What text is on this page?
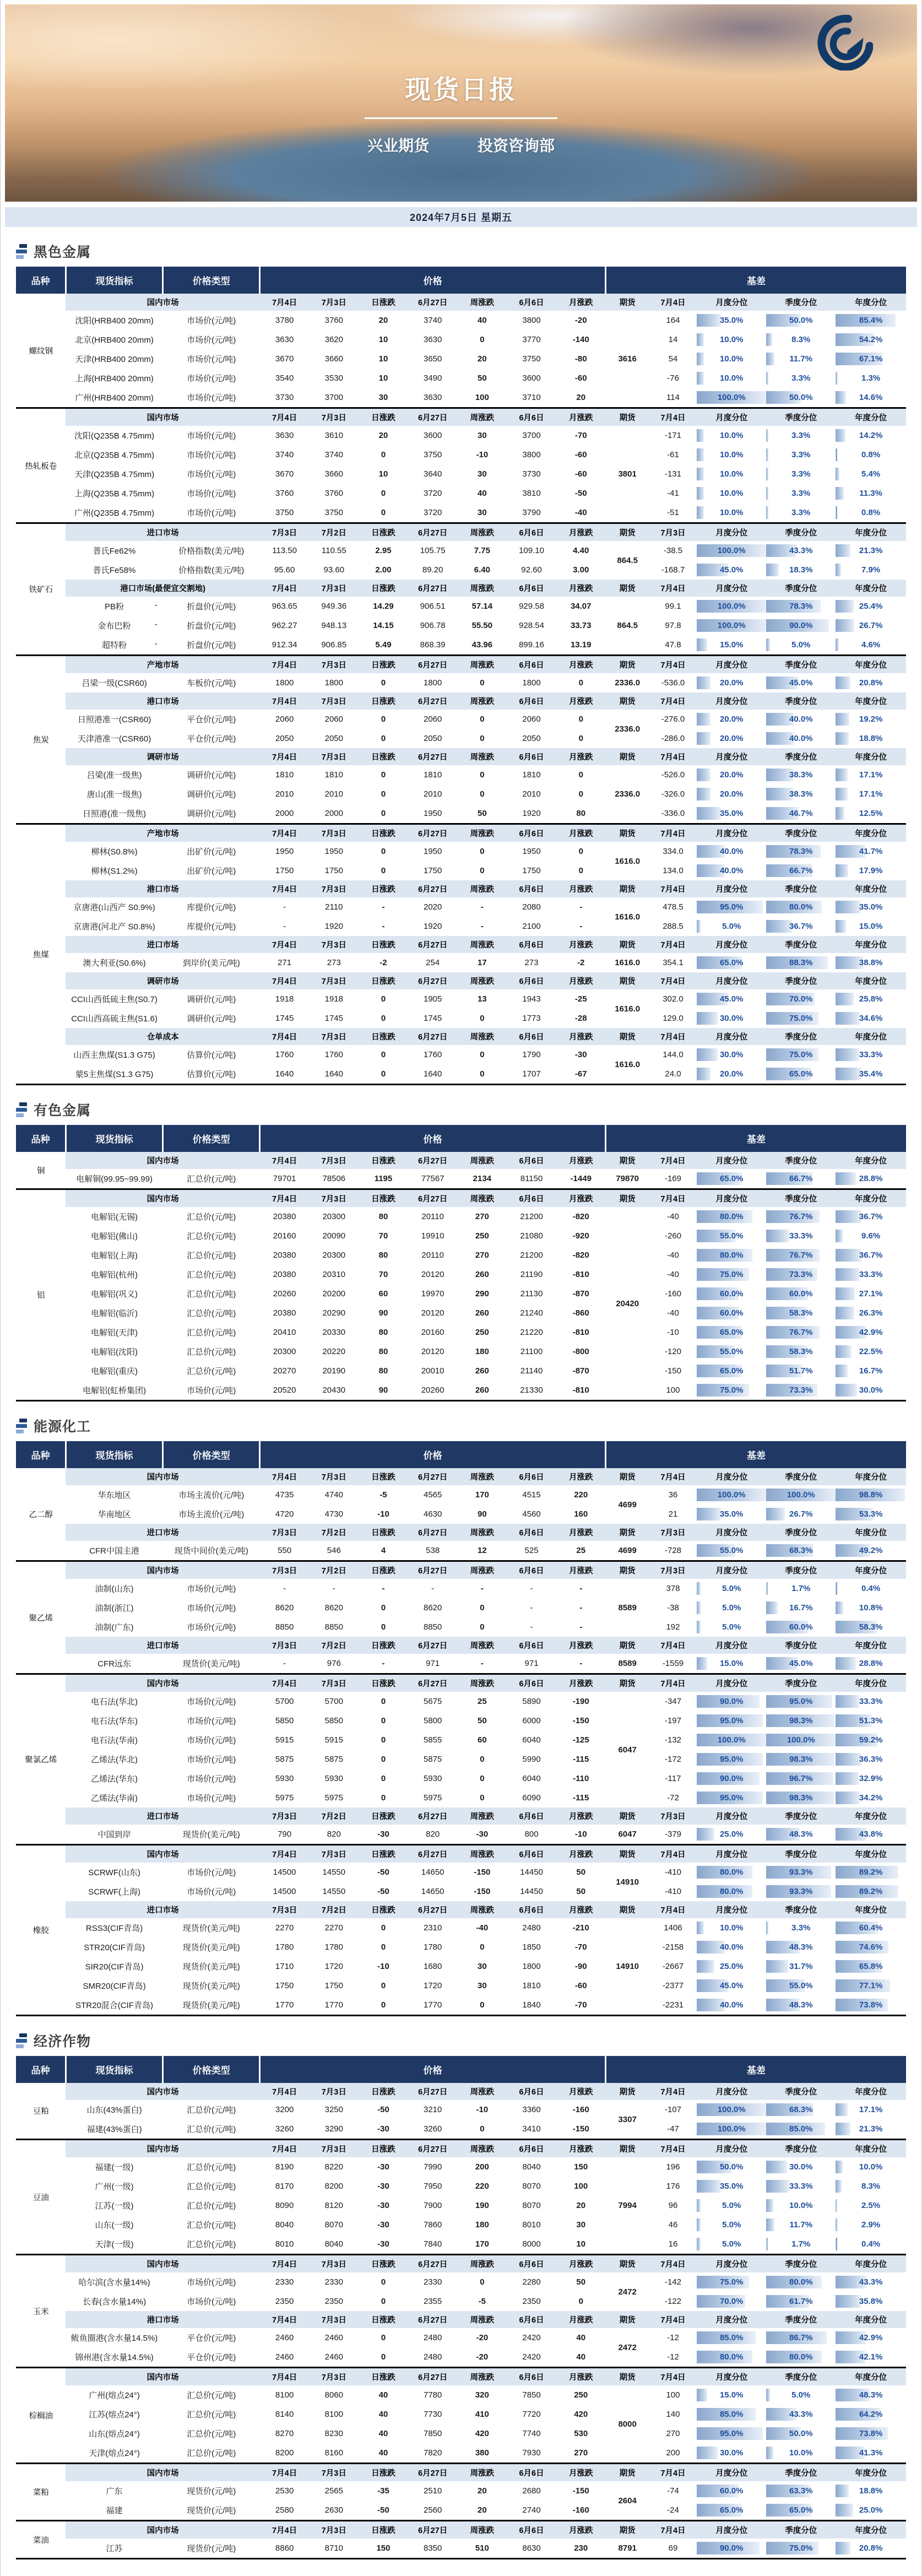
现货日报
兴业期货	投资咨询部
2024年7月5日 星期五
黑色金属
品种	现货指标	价格类型	价格							基差				
螺纹钢	国内市场		7月4日	7月3日	日涨跌	6月27日	周涨跌	6月6日	月涨跌	期货	7月4日	月度分位	季度分位	年度分位
	沈阳(HRB400 20mm)	市场价(元/吨)	3780	3760	20	3740	40	3800	-20	3616	164	35.0%	50.0%	85.4%

	北京(HRB400 20mm)	市场价(元/吨)	3630	3620	10	3630	0	3770	-140		14	10.0%	8.3%	54.2%

	天津(HRB400 20mm)	市场价(元/吨)	3670	3660	10	3650	20	3750	-80		54	10.0%	11.7%	67.1%

	上海(HRB400 20mm)	市场价(元/吨)	3540	3530	10	3490	50	3600	-60		-76	10.0%	3.3%	1.3%

	广州(HRB400 20mm)	市场价(元/吨)	3730	3700	30	3630	100	3710	20		114	100.0%	50.0%	14.6%

热轧板卷	国内市场		7月4日	7月3日	日涨跌	6月27日	周涨跌	6月6日	月涨跌	期货	7月4日	月度分位	季度分位	年度分位
	沈阳(Q235B 4.75mm)	市场价(元/吨)	3630	3610	20	3600	30	3700	-70	3801	-171	10.0%	3.3%	14.2%

	北京(Q235B 4.75mm)	市场价(元/吨)	3740	3740	0	3750	-10	3800	-60		-61	10.0%	3.3%	0.8%

	天津(Q235B 4.75mm)	市场价(元/吨)	3670	3660	10	3640	30	3730	-60		-131	10.0%	3.3%	5.4%

	上海(Q235B 4.75mm)	市场价(元/吨)	3760	3760	0	3720	40	3810	-50		-41	10.0%	3.3%	11.3%

	广州(Q235B 4.75mm)	市场价(元/吨)	3750	3750	0	3720	30	3790	-40		-51	10.0%	3.3%	0.8%

铁矿石	进口市场		7月3日	7月2日	日涨跌	6月27日	周涨跌	6月6日	月涨跌	期货	7月3日	月度分位	季度分位	年度分位
	普氏Fe62%	价格指数(美元/吨)	113.50	110.55	2.95	105.75	7.75	109.10	4.40	864.5	-38.5	100.0%	43.3%	21.3%

	普氏Fe58%	价格指数(美元/吨)	95.60	93.60	2.00	89.20	6.40	92.60	3.00		-168.7	45.0%	18.3%	7.9%

	港口市场(最便宜交割地)		7月4日	7月3日	日涨跌	6月27日	周涨跌	6月6日	月涨跌	期货	7月4日	月度分位	季度分位	年度分位
	PB粉 -	折盘价(元/吨)	963.65	949.36	14.29	906.51	57.14	929.58	34.07	864.5	99.1	100.0%	78.3%	25.4%

	金布巴粉 -	折盘价(元/吨)	962.27	948.13	14.15	906.78	55.50	928.54	33.73		97.8	100.0%	90.0%	26.7%

	超特粉 -	折盘价(元/吨)	912.34	906.85	5.49	868.39	43.96	899.16	13.19		47.8	15.0%	5.0%	4.6%

焦炭	产地市场		7月4日	7月3日	日涨跌	6月27日	周涨跌	6月6日	月涨跌	期货	7月4日	月度分位	季度分位	年度分位
	吕梁一级(CSR60)	车板价(元/吨)	1800	1800	0	1800	0	1800	0	2336.0	-536.0	20.0%	45.0%	20.8%

	港口市场		7月4日	7月3日	日涨跌	6月27日	周涨跌	6月6日	月涨跌	期货	7月4日	月度分位	季度分位	年度分位
	日照港准一(CSR60)	平仓价(元/吨)	2060	2060	0	2060	0	2060	0	2336.0	-276.0	20.0%	40.0%	19.2%

	天津港准一(CSR60)	平仓价(元/吨)	2050	2050	0	2050	0	2050	0		-286.0	20.0%	40.0%	18.8%

	调研市场		7月4日	7月3日	日涨跌	6月27日	周涨跌	6月6日	月涨跌	期货	7月4日	月度分位	季度分位	年度分位
	吕梁(准一级焦)	调研价(元/吨)	1810	1810	0	1810	0	1810	0	2336.0	-526.0	20.0%	38.3%	17.1%

	唐山(准一级焦)	调研价(元/吨)	2010	2010	0	2010	0	2010	0		-326.0	20.0%	38.3%	17.1%

	日照港(准一级焦)	调研价(元/吨)	2000	2000	0	1950	50	1920	80		-336.0	35.0%	46.7%	12.5%

焦煤	产地市场		7月4日	7月3日	日涨跌	6月27日	周涨跌	6月6日	月涨跌	期货	7月4日	月度分位	季度分位	年度分位
	柳林(S0.8%)	出矿价(元/吨)	1950	1950	0	1950	0	1950	0	1616.0	334.0	40.0%	78.3%	41.7%

	柳林(S1.2%)	出矿价(元/吨)	1750	1750	0	1750	0	1750	0		134.0	40.0%	66.7%	17.9%

	港口市场		7月4日	7月3日	日涨跌	6月27日	周涨跌	6月6日	月涨跌	期货	7月4日	月度分位	季度分位	年度分位
	京唐港(山西产 S0.9%)	库提价(元/吨)	-	2110	-	2020	-	2080	-	1616.0	478.5	95.0%	80.0%	35.0%

	京唐港(河北产 S0.8%)	库提价(元/吨)	-	1920	-	1920	-	2100	-		288.5	5.0%	36.7%	15.0%

	进口市场		7月4日	7月3日	日涨跌	6月27日	周涨跌	6月6日	月涨跌	期货	7月4日	月度分位	季度分位	年度分位
	澳大利亚(S0.6%)	到岸价(美元/吨)	271	273	-2	254	17	273	-2	1616.0	354.1	65.0%	88.3%	38.8%

	调研市场		7月4日	7月3日	日涨跌	6月27日	周涨跌	6月6日	月涨跌	期货	7月4日	月度分位	季度分位	年度分位
	CCI山西低硫主焦(S0.7)	调研价(元/吨)	1918	1918	0	1905	13	1943	-25	1616.0	302.0	45.0%	70.0%	25.8%

	CCI山西高硫主焦(S1.6)	调研价(元/吨)	1745	1745	0	1745	0	1773	-28		129.0	30.0%	75.0%	34.6%

	仓单成本		7月4日	7月3日	日涨跌	6月27日	周涨跌	6月6日	月涨跌	期货	7月4日	月度分位	季度分位	年度分位
	山西主焦煤(S1.3 G75)	估算价(元/吨)	1760	1760	0	1760	0	1790	-30	1616.0	144.0	30.0%	75.0%	33.3%

	蒙5主焦煤(S1.3 G75)	估算价(元/吨)	1640	1640	0	1640	0	1707	-67		24.0	20.0%	65.0%	35.4%
有色金属
品种	现货指标	价格类型	价格							基差				
铜	国内市场		7月4日	7月3日	日涨跌	6月27日	周涨跌	6月6日	月涨跌	期货	7月4日	月度分位	季度分位	年度分位
	电解铜(99.95~99.99)	汇总价(元/吨)	79701	78506	1195	77567	2134	81150	-1449	79870	-169	65.0%	66.7%	28.8%

铝	国内市场		7月4日	7月3日	日涨跌	6月27日	周涨跌	6月6日	月涨跌	期货	7月4日	月度分位	季度分位	年度分位
	电解铝(无锡)	汇总价(元/吨)	20380	20300	80	20110	270	21200	-820	20420	-40	80.0%	76.7%	36.7%

	电解铝(佛山)	汇总价(元/吨)	20160	20090	70	19910	250	21080	-920		-260	55.0%	33.3%	9.6%

	电解铝(上海)	汇总价(元/吨)	20380	20300	80	20110	270	21200	-820		-40	80.0%	76.7%	36.7%

	电解铝(杭州)	汇总价(元/吨)	20380	20310	70	20120	260	21190	-810		-40	75.0%	73.3%	33.3%

	电解铝(巩义)	汇总价(元/吨)	20260	20200	60	19970	290	21130	-870		-160	60.0%	60.0%	27.1%

	电解铝(临沂)	汇总价(元/吨)	20380	20290	90	20120	260	21240	-860		-40	60.0%	58.3%	26.3%

	电解铝(天津)	汇总价(元/吨)	20410	20330	80	20160	250	21220	-810		-10	65.0%	76.7%	42.9%

	电解铝(沈阳)	汇总价(元/吨)	20300	20220	80	20120	180	21100	-800		-120	55.0%	58.3%	22.5%

	电解铝(重庆)	汇总价(元/吨)	20270	20190	80	20010	260	21140	-870		-150	65.0%	51.7%	16.7%

	电解铝(虹桥集团)	市场价(元/吨)	20520	20430	90	20260	260	21330	-810		100	75.0%	73.3%	30.0%
能源化工
品种	现货指标	价格类型	价格							基差				
乙二醇	国内市场		7月4日	7月3日	日涨跌	6月27日	周涨跌	6月6日	月涨跌	期货	7月4日	月度分位	季度分位	年度分位
	华东地区	市场主流价(元/吨)	4735	4740	-5	4565	170	4515	220	4699	36	100.0%	100.0%	98.8%

	华南地区	市场主流价(元/吨)	4720	4730	-10	4630	90	4560	160		21	35.0%	26.7%	53.3%

	进口市场		7月3日	7月2日	日涨跌	6月27日	周涨跌	6月6日	月涨跌	期货	7月3日	月度分位	季度分位	年度分位
	CFR中国主港	现货中间价(美元/吨)	550	546	4	538	12	525	25	4699	-728	55.0%	68.3%	49.2%

聚乙烯	国内市场		7月3日	7月2日	日涨跌	6月27日	周涨跌	6月6日	月涨跌	期货	7月3日	月度分位	季度分位	年度分位
	油制(山东)	市场价(元/吨)	-	-	-	-	-	-	-	8589	378	5.0%	1.7%	0.4%

	油制(浙江)	市场价(元/吨)	8620	8620	0	8620	0	-	-		-38	5.0%	16.7%	10.8%

	油制(广东)	市场价(元/吨)	8850	8850	0	8850	0	-	-		192	5.0%	60.0%	58.3%

	进口市场		7月3日	7月2日	日涨跌	6月27日	周涨跌	6月6日	月涨跌	期货	7月4日	月度分位	季度分位	年度分位
	CFR远东	现货价(美元/吨)	-	976	-	971	-	971	-	8589	-1559	15.0%	45.0%	28.8%

聚氯乙烯	国内市场		7月4日	7月3日	日涨跌	6月27日	周涨跌	6月6日	月涨跌	期货	7月4日	月度分位	季度分位	年度分位
	电石法(华北)	市场价(元/吨)	5700	5700	0	5675	25	5890	-190	6047	-347	90.0%	95.0%	33.3%

	电石法(华东)	市场价(元/吨)	5850	5850	0	5800	50	6000	-150		-197	95.0%	98.3%	51.3%

	电石法(华南)	市场价(元/吨)	5915	5915	0	5855	60	6040	-125		-132	100.0%	100.0%	59.2%

	乙烯法(华北)	市场价(元/吨)	5875	5875	0	5875	0	5990	-115		-172	95.0%	98.3%	36.3%

	乙烯法(华东)	市场价(元/吨)	5930	5930	0	5930	0	6040	-110		-117	90.0%	96.7%	32.9%

	乙烯法(华南)	市场价(元/吨)	5975	5975	0	5975	0	6090	-115		-72	95.0%	98.3%	34.2%

	进口市场		7月3日	7月2日	日涨跌	6月27日	周涨跌	6月6日	月涨跌	期货	7月3日	月度分位	季度分位	年度分位
	中国到岸	现货价(美元/吨)	790	820	-30	820	-30	800	-10	6047	-379	25.0%	48.3%	43.8%

橡胶	国内市场		7月4日	7月3日	日涨跌	6月27日	周涨跌	6月6日	月涨跌	期货	7月4日	月度分位	季度分位	年度分位
	SCRWF(山东)	市场价(元/吨)	14500	14550	-50	14650	-150	14450	50	14910	-410	80.0%	93.3%	89.2%

	SCRWF(上海)	市场价(元/吨)	14500	14550	-50	14650	-150	14450	50		-410	80.0%	93.3%	89.2%

	进口市场		7月3日	7月2日	日涨跌	6月27日	周涨跌	6月6日	月涨跌	期货	7月4日	月度分位	季度分位	年度分位
	RSS3(CIF青岛)	现货价(美元/吨)	2270	2270	0	2310	-40	2480	-210	14910	1406	10.0%	3.3%	60.4%

	STR20(CIF青岛)	现货价(美元/吨)	1780	1780	0	1780	0	1850	-70		-2158	40.0%	48.3%	74.6%

	SIR20(CIF青岛)	现货价(美元/吨)	1710	1720	-10	1680	30	1800	-90		-2667	25.0%	31.7%	65.8%

	SMR20(CIF青岛)	现货价(美元/吨)	1750	1750	0	1720	30	1810	-60		-2377	45.0%	55.0%	77.1%

	STR20混合(CIF青岛)	现货价(美元/吨)	1770	1770	0	1770	0	1840	-70		-2231	40.0%	48.3%	73.8%
经济作物
品种	现货指标	价格类型	价格							基差				
豆粕	国内市场		7月4日	7月3日	日涨跌	6月27日	周涨跌	6月6日	月涨跌	期货	7月4日	月度分位	季度分位	年度分位
	山东(43%蛋白)	汇总价(元/吨)	3200	3250	-50	3210	-10	3360	-160	3307	-107	100.0%	68.3%	17.1%

	福建(43%蛋白)	汇总价(元/吨)	3260	3290	-30	3260	0	3410	-150		-47	100.0%	85.0%	21.3%

豆油	国内市场		7月4日	7月3日	日涨跌	6月27日	周涨跌	6月6日	月涨跌	期货	7月4日	月度分位	季度分位	年度分位
	福建(一级)	汇总价(元/吨)	8190	8220	-30	7990	200	8040	150	7994	196	50.0%	30.0%	10.0%

	广州(一级)	汇总价(元/吨)	8170	8200	-30	7950	220	8070	100		176	35.0%	33.3%	8.3%

	江苏(一级)	汇总价(元/吨)	8090	8120	-30	7900	190	8070	20		96	5.0%	10.0%	2.5%

	山东(一级)	汇总价(元/吨)	8040	8070	-30	7860	180	8010	30		46	5.0%	11.7%	2.9%

	天津(一级)	汇总价(元/吨)	8010	8040	-30	7840	170	8000	10		16	5.0%	1.7%	0.4%

玉米	国内市场		7月4日	7月3日	日涨跌	6月27日	周涨跌	6月6日	月涨跌	期货	7月4日	月度分位	季度分位	年度分位
	哈尔滨(含水量14%)	市场价(元/吨)	2330	2330	0	2330	0	2280	50	2472	-142	75.0%	80.0%	43.3%

	长春(含水量14%)	市场价(元/吨)	2350	2350	0	2355	-5	2350	0		-122	70.0%	61.7%	35.8%

	港口市场		7月4日	7月3日	日涨跌	6月27日	周涨跌	6月6日	月涨跌	期货	7月4日	月度分位	季度分位	年度分位
	鲅鱼圈港(含水量14.5%)	平仓价(元/吨)	2460	2460	0	2480	-20	2420	40	2472	-12	85.0%	86.7%	42.9%

	锦州港(含水量14.5%)	平仓价(元/吨)	2460	2460	0	2480	-20	2420	40		-12	80.0%	80.0%	42.1%

棕榈油	国内市场		7月4日	7月3日	日涨跌	6月27日	周涨跌	6月6日	月涨跌	期货	7月4日	月度分位	季度分位	年度分位
	广州(熔点24°)	汇总价(元/吨)	8100	8060	40	7780	320	7850	250	8000	100	15.0%	5.0%	48.3%

	江苏(熔点24°)	汇总价(元/吨)	8140	8100	40	7730	410	7720	420		140	85.0%	43.3%	64.2%

	山东(熔点24°)	汇总价(元/吨)	8270	8230	40	7850	420	7740	530		270	95.0%	50.0%	73.8%

	天津(熔点24°)	汇总价(元/吨)	8200	8160	40	7820	380	7930	270		200	30.0%	10.0%	41.3%

菜粕	国内市场		7月4日	7月3日	日涨跌	6月27日	周涨跌	6月6日	月涨跌	期货	7月4日	月度分位	季度分位	年度分位
	广东	现货价(元/吨)	2530	2565	-35	2510	20	2680	-150	2604	-74	60.0%	63.3%	18.8%

	福建	现货价(元/吨)	2580	2630	-50	2560	20	2740	-160		-24	65.0%	65.0%	25.0%

菜油	国内市场		7月4日	7月3日	日涨跌	6月27日	周涨跌	6月6日	月涨跌	期货	7月4日	月度分位	季度分位	年度分位
	江苏	现货价(元/吨)	8860	8710	150	8350	510	8630	230	8791	69	90.0%	75.0%	20.8%
